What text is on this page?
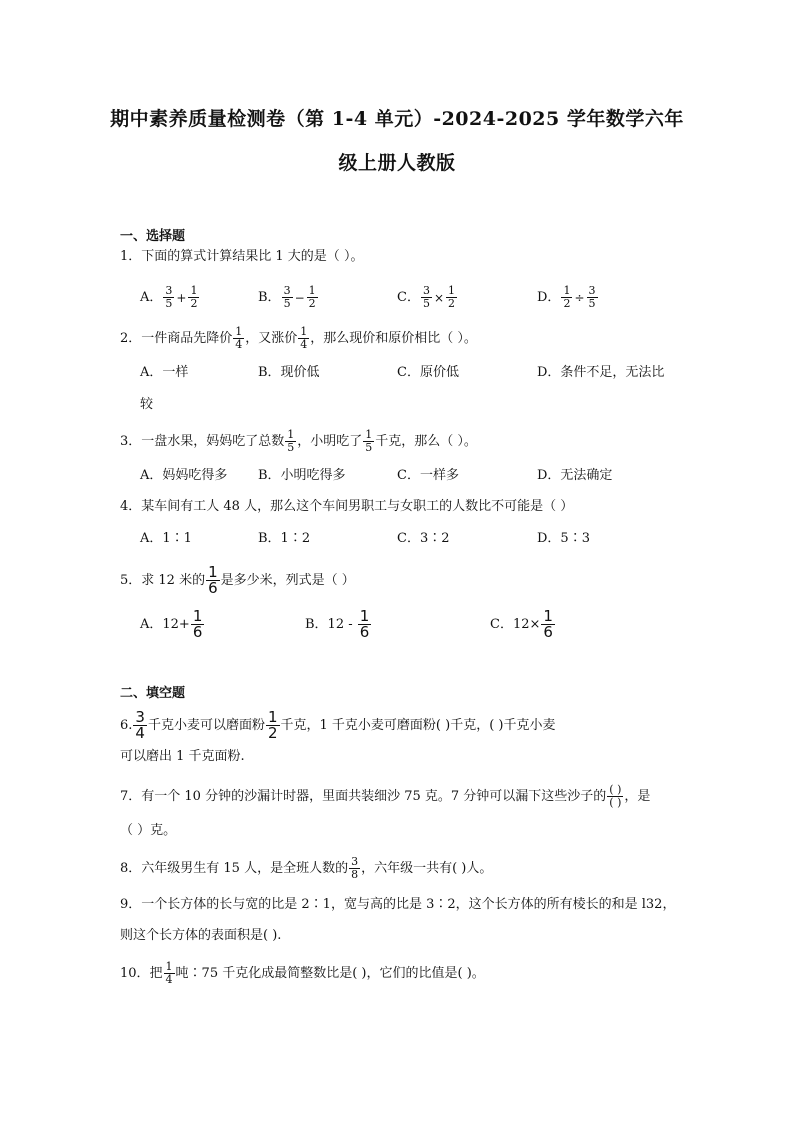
期中素养质量检测卷（第 1-4 单元）-2024-2025 学年数学六年
级上册人教版
一、选择题
1．下面的算式计算结果比 1 大的是（ ）。
A． $\frac{3}{5} + \frac{1}{2}$	B． $\frac{3}{5} - \frac{1}{2}$	C． $\frac{3}{5} \times \frac{1}{2}$	D． $\frac{1}{2} \div \frac{3}{5}$
2．一件商品先降价 $\frac{1}{4}$ ，又涨价 $\frac{1}{4}$ ，那么现价和原价相比（ ）。
A．一样	B．现价低	C．原价低	D．条件不足，无法比
较
3．一盘水果，妈妈吃了总数 $\frac{1}{5}$ ，小明吃了 $\frac{1}{5}$ 千克，那么（ ）。
A．妈妈吃得多 B．小明吃得多	C．一样多	D．无法确定
4．某车间有工人 48 人，那么这个车间男职工与女职工的人数比不可能是（ ）
A．1∶1	B．1∶2	C．3∶2	D．5∶3
5．求 12 米的 $\frac{1}{6}$ 是多少米，列式是（ ）
A．$12+ \frac{1}{6}$	B．$12 - \frac{1}{6}$	C．$12\times \frac{1}{6}$
二、填空题
6. $\frac{3}{4}$ 千克小麦可以磨面粉 $\frac{1}{2}$ 千克，1 千克小麦可磨面粉( )千克，( )千克小麦
可以磨出 1 千克面粉.
7．有一个 10 分钟的沙漏计时器，里面共装细沙 75 克。7 分钟可以漏下这些沙子的 $\frac{( )}{( )}$ ，是
（ ）克。
8．六年级男生有 15 人，是全班人数的 $\frac{3}{8}$ ，六年级一共有( )人。
9．一个长方体的长与宽的比是 2∶1，宽与高的比是 3∶2，这个长方体的所有棱长的和是 l32，
则这个长方体的表面积是( ).
10．把 $\frac{1}{4}$ 吨∶75 千克化成最简整数比是( )，它们的比值是( )。
